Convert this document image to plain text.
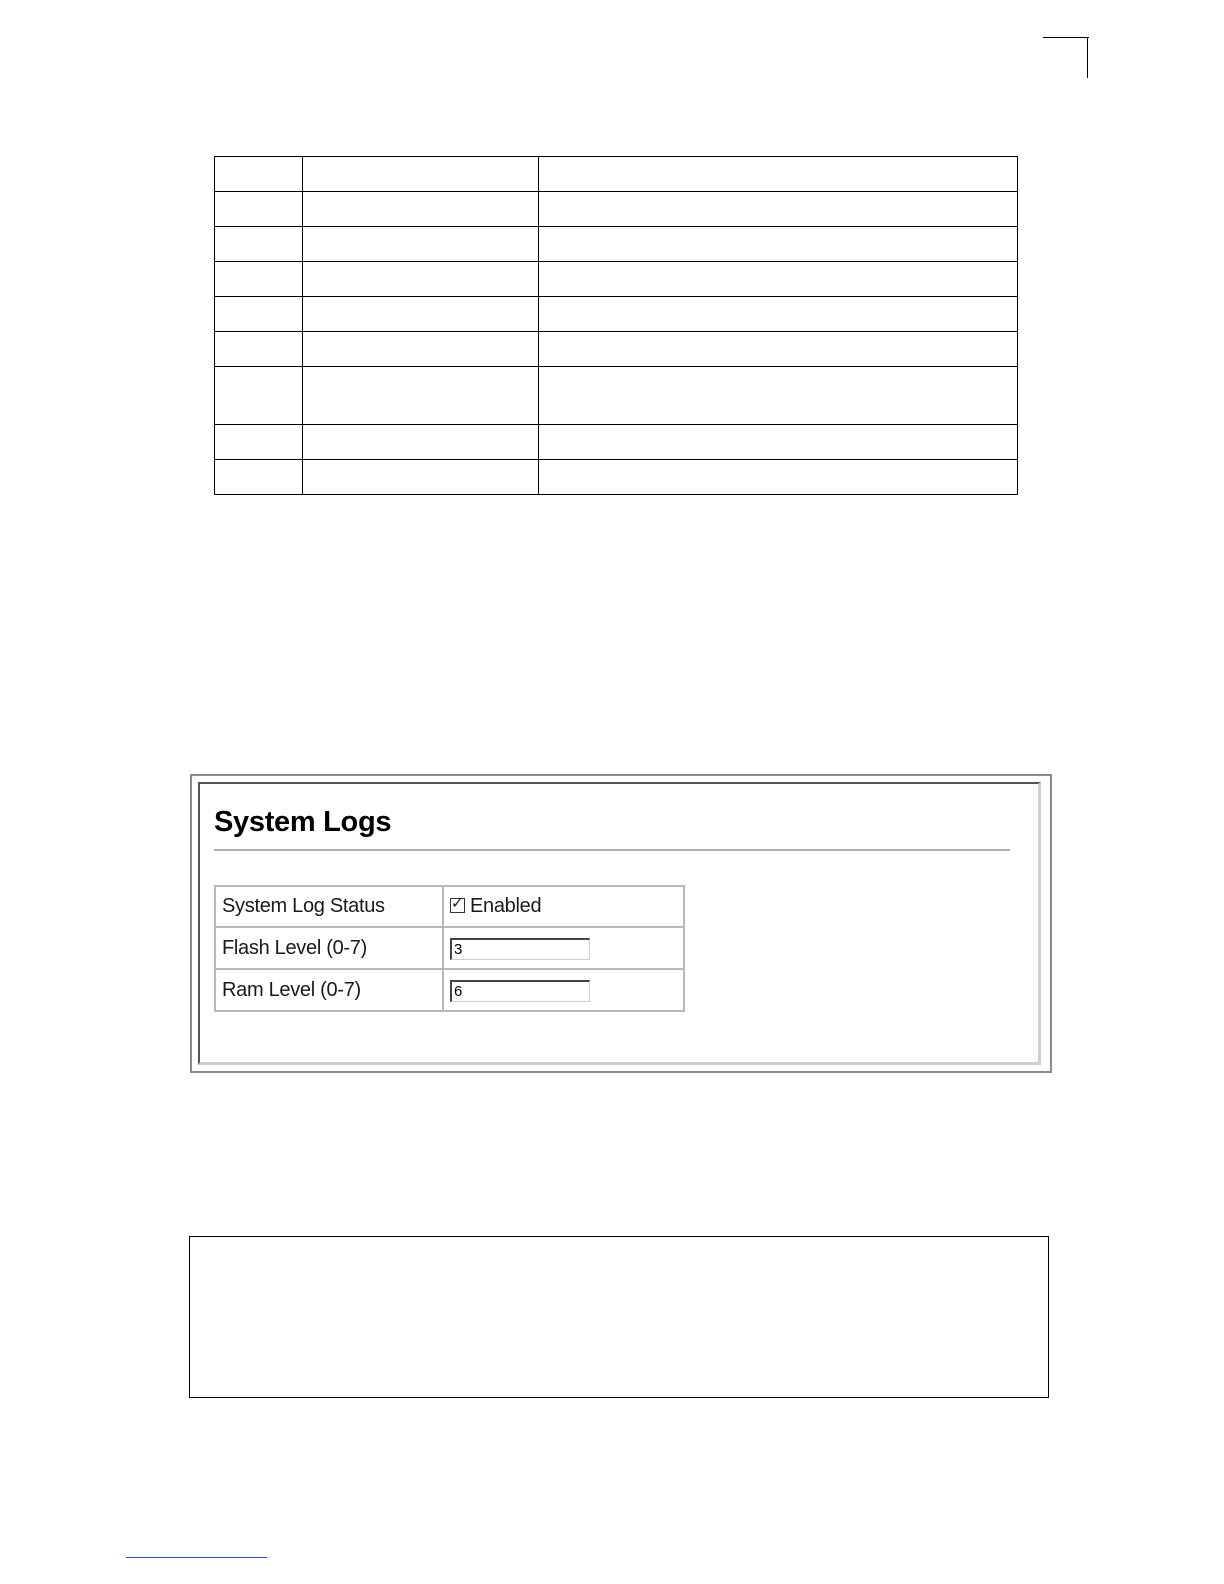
System Logs
System Log Status	✓ Enabled
Flash Level (0-7)	3
Ram Level (0-7)	6
